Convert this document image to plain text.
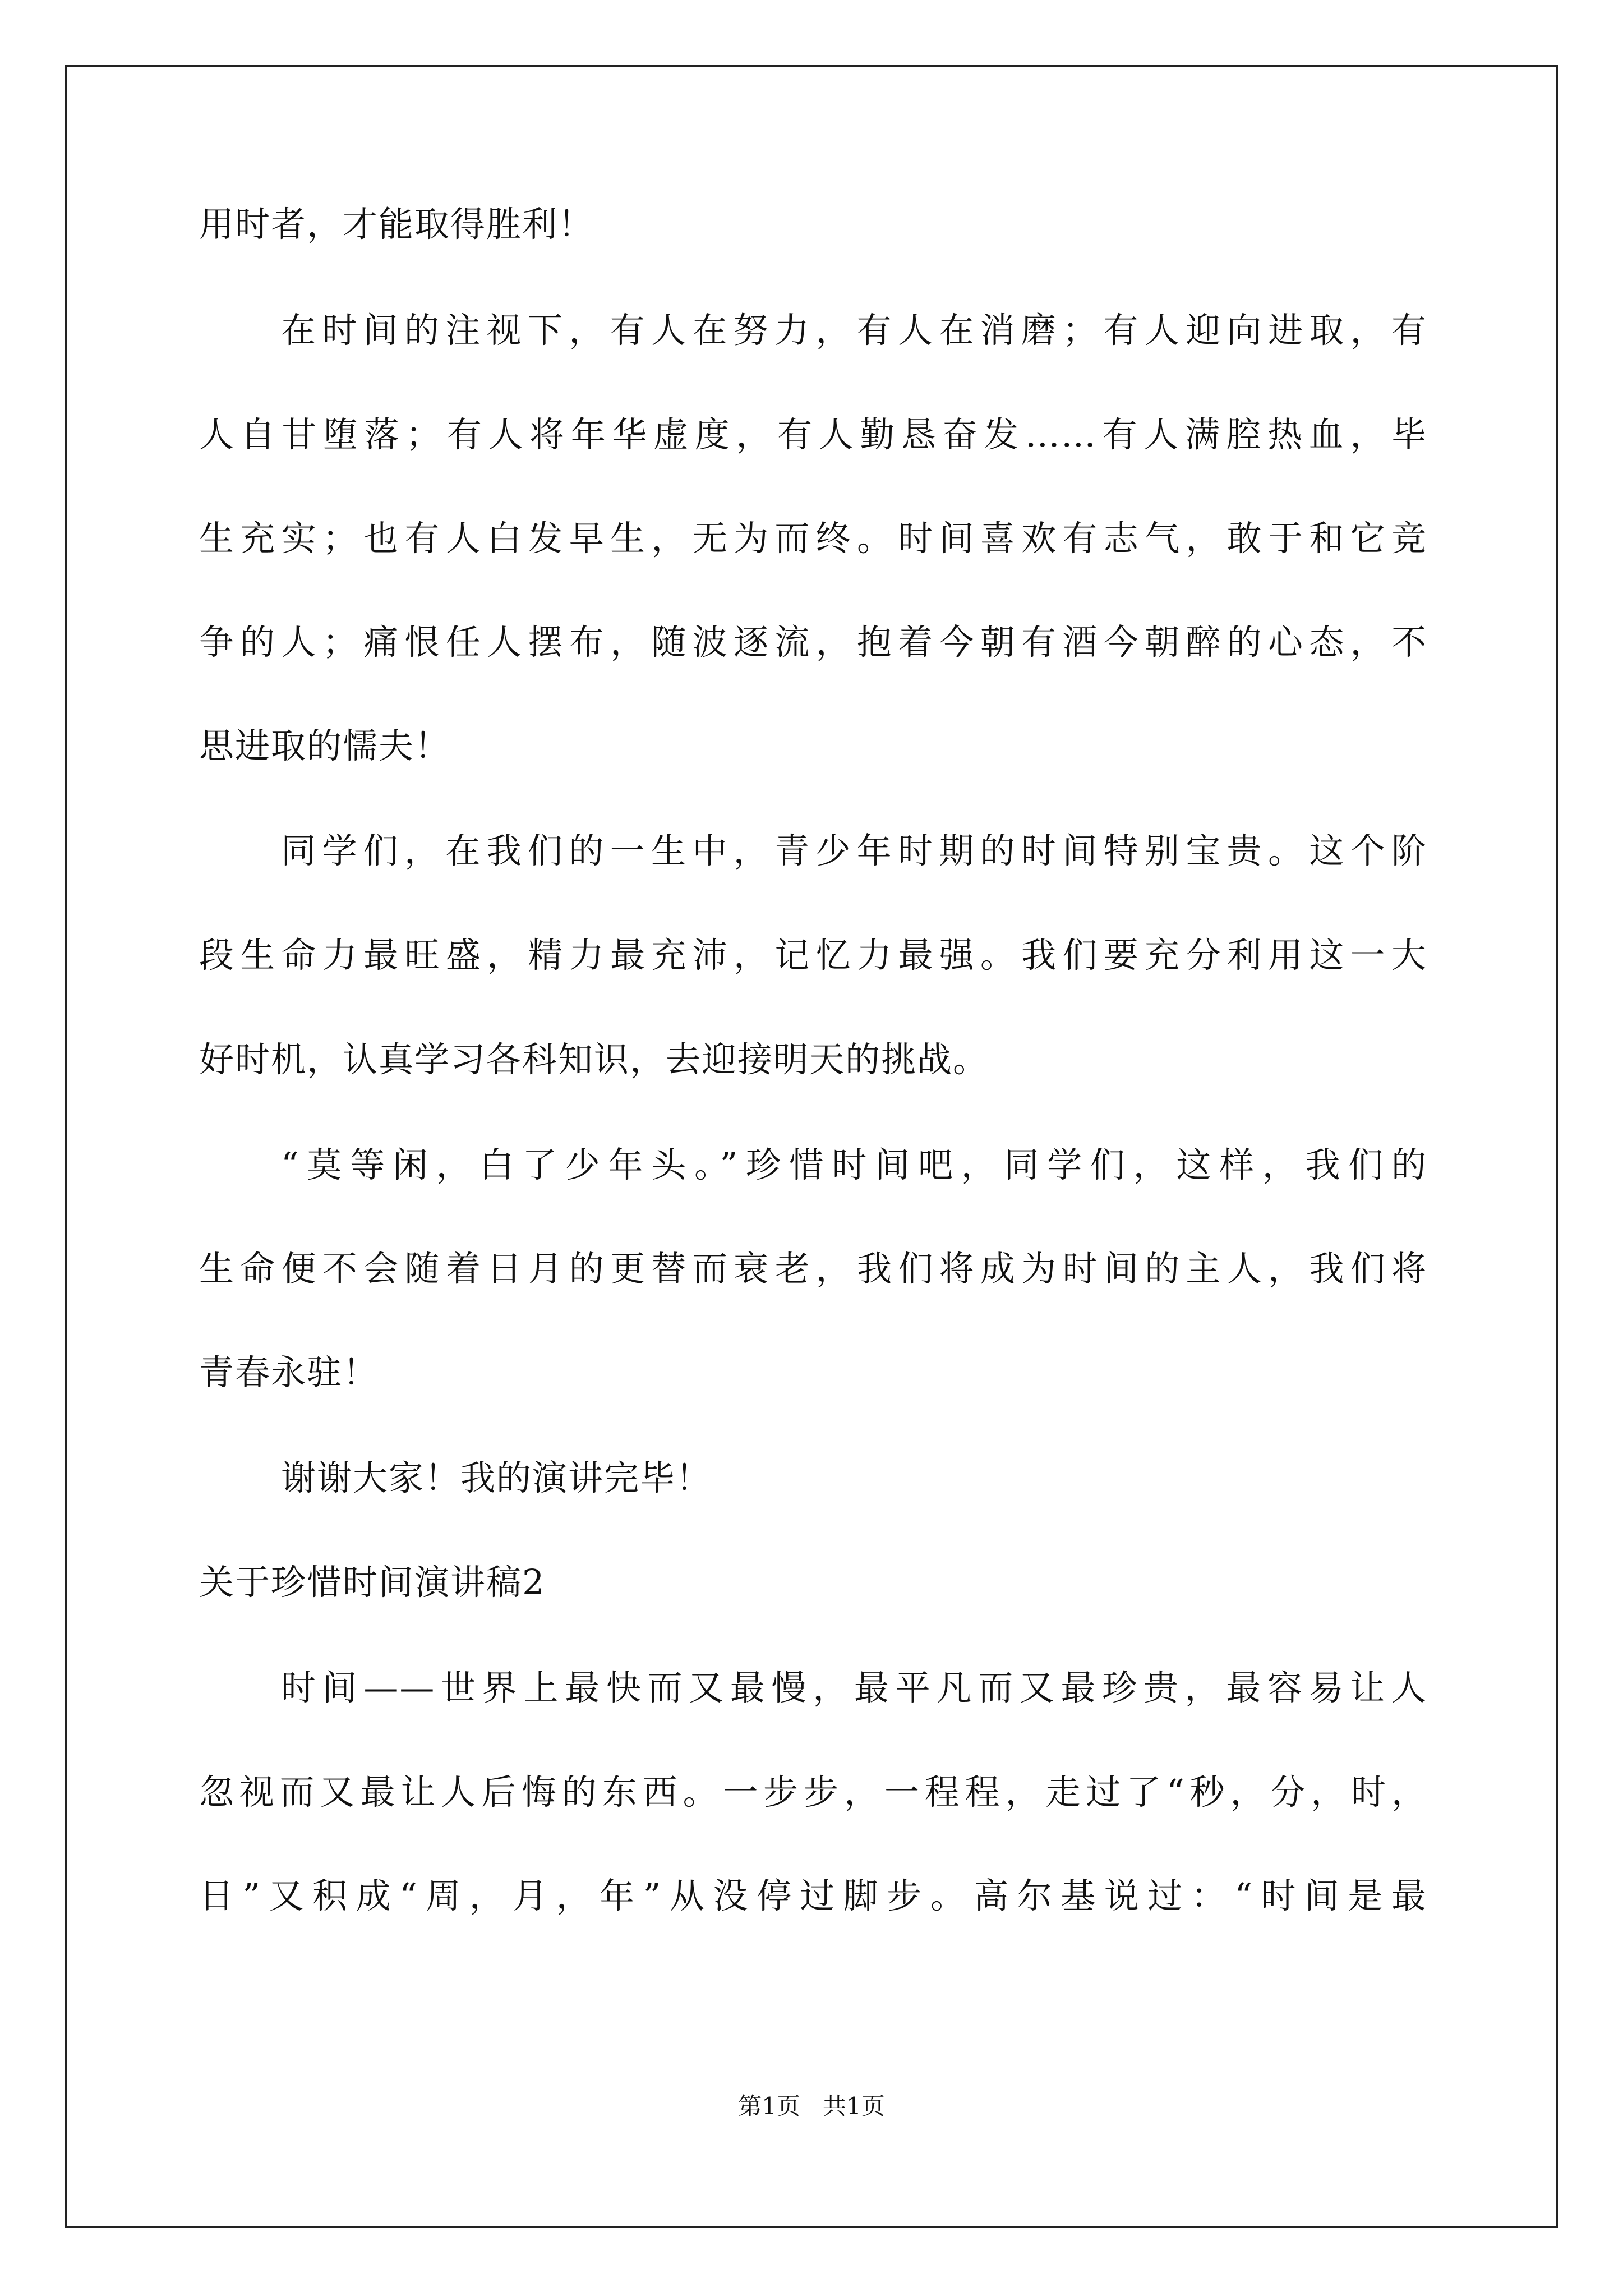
用时者，才能取得胜利！
在时间的注视下，有人在努力，有人在消磨；有人迎向进取，有
人自甘堕落；有人将年华虚度，有人勤恳奋发……有人满腔热血，毕
生充实；也有人白发早生，无为而终。时间喜欢有志气，敢于和它竞
争的人；痛恨任人摆布，随波逐流，抱着今朝有酒今朝醉的心态，不
思进取的懦夫！
同学们，在我们的一生中，青少年时期的时间特别宝贵。这个阶
段生命力最旺盛，精力最充沛，记忆力最强。我们要充分利用这一大
好时机，认真学习各科知识，去迎接明天的挑战。
“莫等闲，白了少年头。”珍惜时间吧，同学们，这样，我们的
生命便不会随着日月的更替而衰老，我们将成为时间的主人，我们将
青春永驻！
谢谢大家！我的演讲完毕！
关于珍惜时间演讲稿2
时间——世界上最快而又最慢，最平凡而又最珍贵，最容易让人
忽视而又最让人后悔的东西。一步步，一程程，走过了“秒，分，时，
日”又积成“周，月，年”从没停过脚步。高尔基说过：“时间是最
第1页 共1页
